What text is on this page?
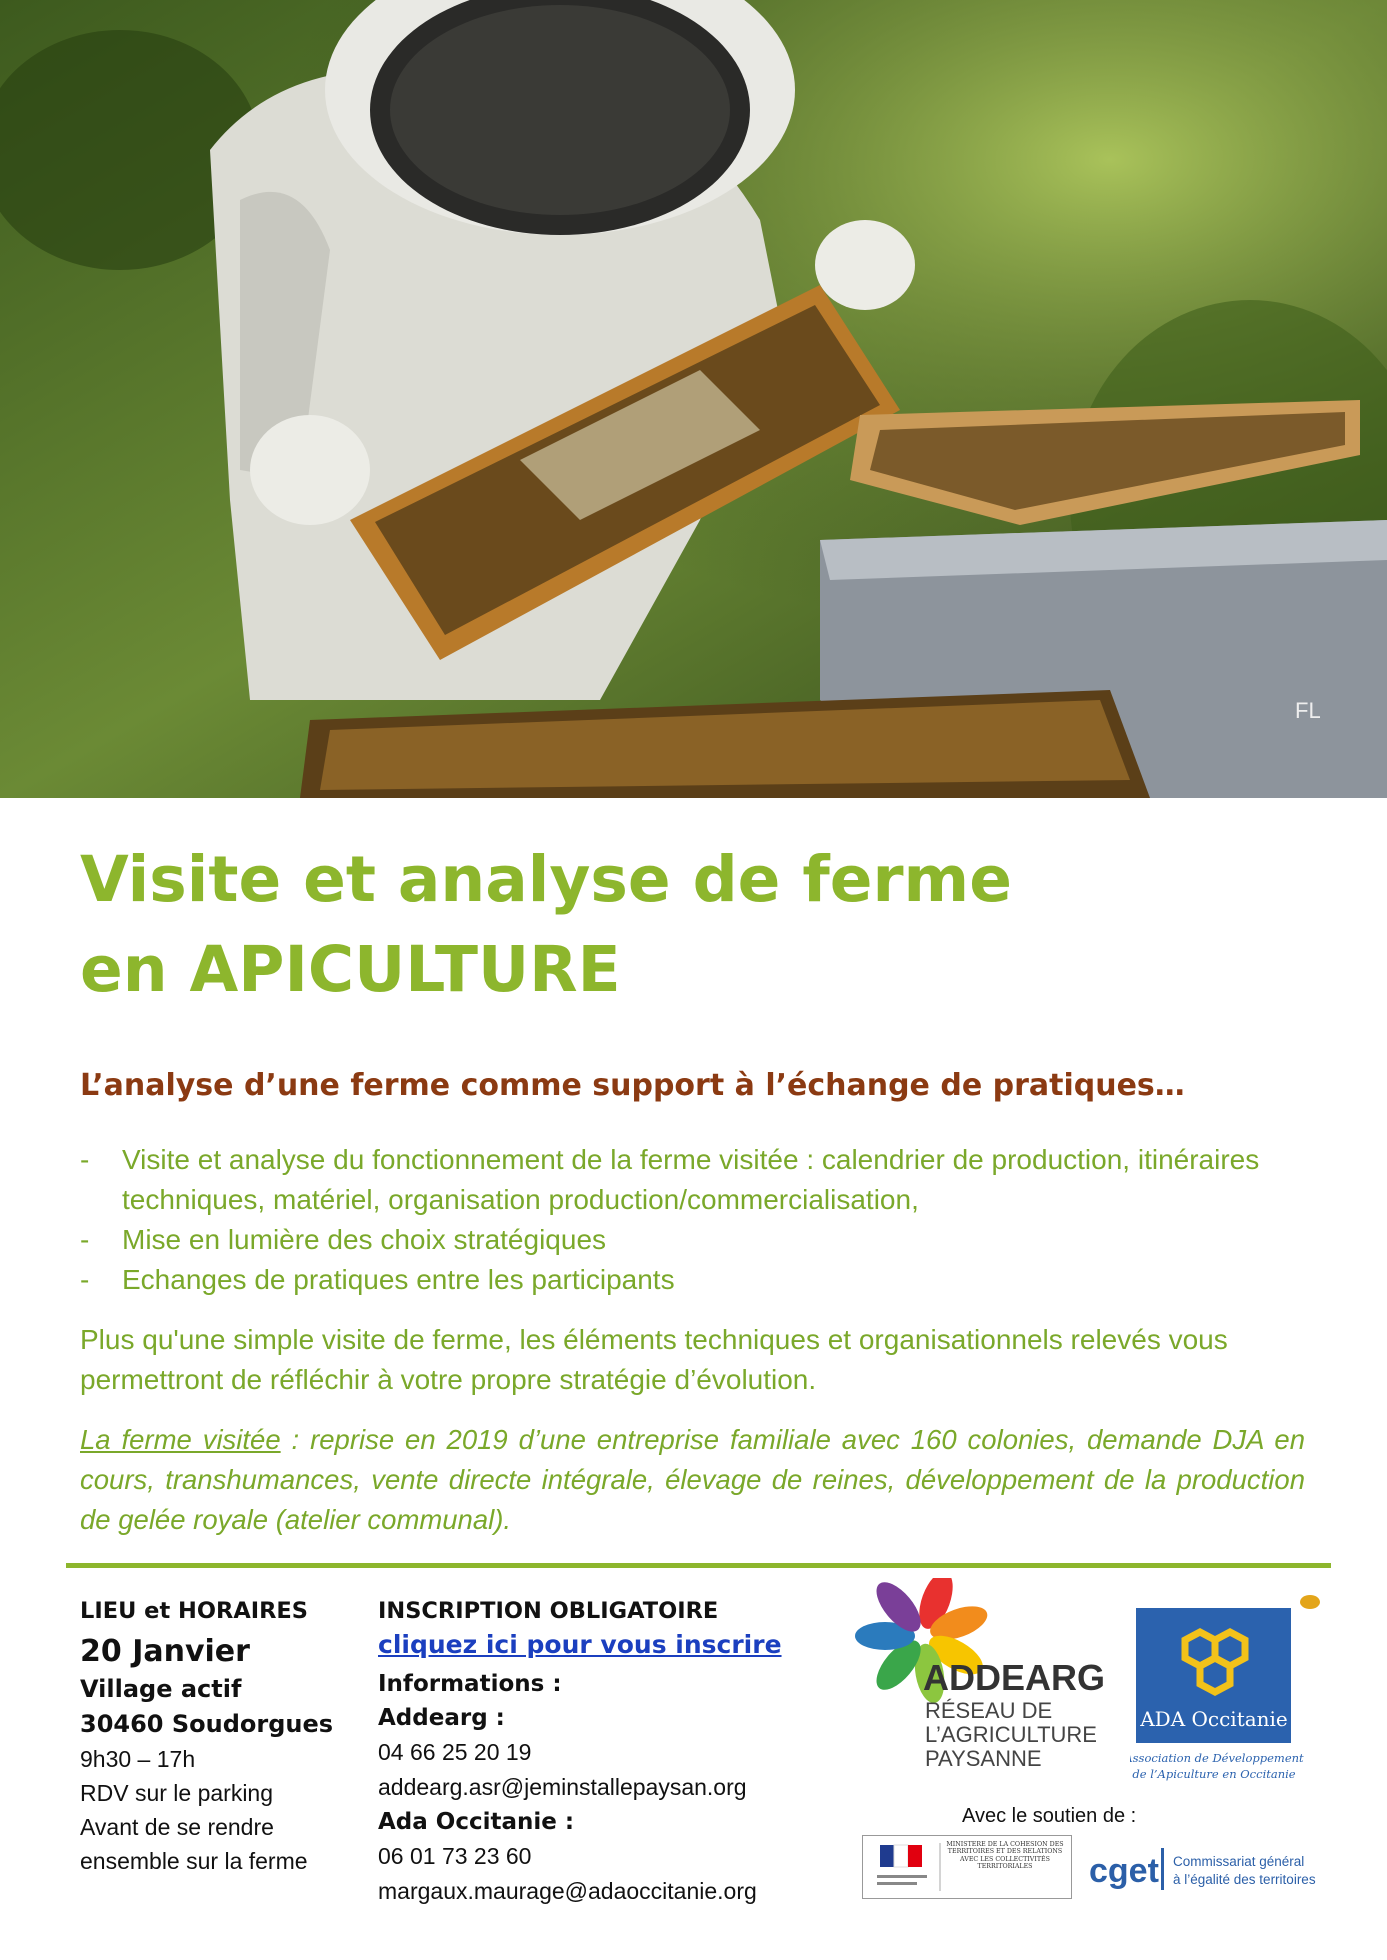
FL
Visite et analyse de ferme
en APICULTURE
L’analyse d’une ferme comme support à l’échange de pratiques…
- Visite et analyse du fonctionnement de la ferme visitée : calendrier de production, itinéraires techniques, matériel, organisation production/commercialisation,
- Mise en lumière des choix stratégiques
- Echanges de pratiques entre les participants
Plus qu'une simple visite de ferme, les éléments techniques et organisationnels relevés vous permettront de réfléchir à votre propre stratégie d’évolution.
La ferme visitée : reprise en 2019 d’une entreprise familiale avec 160 colonies, demande DJA en cours, transhumances, vente directe intégrale, élevage de reines, développement de la production de gelée royale (atelier communal).
LIEU et HORAIRES
20 Janvier
Village actif
30460 Soudorgues
9h30 – 17h
RDV sur le parking
Avant de se rendre
ensemble sur la ferme
INSCRIPTION OBLIGATOIRE
cliquez ici pour vous inscrire
Informations :
Addearg :
04 66 25 20 19
addearg.asr@jeminstallepaysan.org
Ada Occitanie :
06 01 73 23 60
margaux.maurage@adaoccitanie.org
ADDEARG
RÉSEAU DE
L’AGRICULTURE
PAYSANNE
ADA Occitanie
Association de Développement
de l’Apiculture en Occitanie
Avec le soutien de :
MINISTÈRE DE LA COHÉSION DES TERRITOIRES ET DES RELATIONS AVEC LES COLLECTIVITÉS TERRITORIALES	cget Commissariat général
à l’égalité des territoires
